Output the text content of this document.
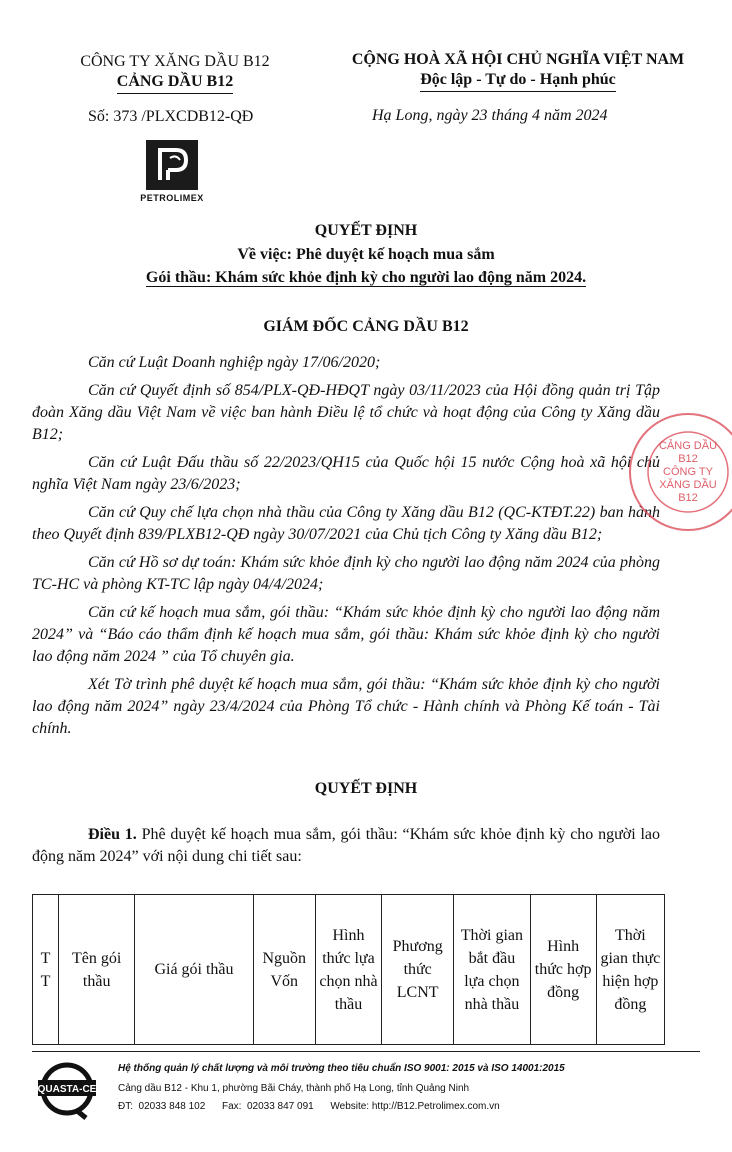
CÔNG TY XĂNG DẦU B12
CẢNG DẦU B12
Số: 373 /PLXCDB12-QĐ
PETROLIMEX
CỘNG HOÀ XÃ HỘI CHỦ NGHĨA VIỆT NAM
Độc lập - Tự do - Hạnh phúc
Hạ Long, ngày 23 tháng 4 năm 2024
QUYẾT ĐỊNH
Về việc: Phê duyệt kế hoạch mua sắm
Gói thầu: Khám sức khỏe định kỳ cho người lao động năm 2024.
GIÁM ĐỐC CẢNG DẦU B12

Căn cứ Luật Doanh nghiệp ngày 17/06/2020;

Căn cứ Quyết định số 854/PLX-QĐ-HĐQT ngày 03/11/2023 của Hội đồng quản trị Tập đoàn Xăng dầu Việt Nam về việc ban hành Điều lệ tổ chức và hoạt động của Công ty Xăng dầu B12;

Căn cứ Luật Đấu thầu số 22/2023/QH15 của Quốc hội 15 nước Cộng hoà xã hội chủ nghĩa Việt Nam ngày 23/6/2023;

Căn cứ Quy chế lựa chọn nhà thầu của Công ty Xăng dầu B12 (QC-KTĐT.22) ban hành theo Quyết định 839/PLXB12-QĐ ngày 30/07/2021 của Chủ tịch Công ty Xăng dầu B12;

Căn cứ Hồ sơ dự toán: Khám sức khỏe định kỳ cho người lao động năm 2024 của phòng TC-HC và phòng KT-TC lập ngày 04/4/2024;

Căn cứ kế hoạch mua sắm, gói thầu: “Khám sức khỏe định kỳ cho người lao động năm 2024” và “Báo cáo thẩm định kế hoạch mua sắm, gói thầu: Khám sức khỏe định kỳ cho người lao động năm 2024 ” của Tổ chuyên gia.

Xét Tờ trình phê duyệt kế hoạch mua sắm, gói thầu: “Khám sức khỏe định kỳ cho người lao động năm 2024” ngày 23/4/2024 của Phòng Tổ chức - Hành chính và Phòng Kế toán - Tài chính.

QUYẾT ĐỊNH
Điều 1. Phê duyệt kế hoạch mua sắm, gói thầu: “Khám sức khỏe định kỳ cho người lao động năm 2024” với nội dung chi tiết sau:
T T	Tên gói thầu	Giá gói thầu	Nguồn Vốn	Hình thức lựa chọn nhà thầu	Phương thức LCNT	Thời gian bắt đầu lựa chọn nhà thầu	Hình thức hợp đồng	Thời gian thực hiện hợp đồng
CẢNG DẦU
B12
CÔNG TY
XĂNG DẦU
B12
QUASTA-CE
Hệ thống quản lý chất lượng và môi trường theo tiêu chuẩn ISO 9001: 2015 và ISO 14001:2015
Cảng dầu B12 - Khu 1, phường Bãi Cháy, thành phố Hạ Long, tỉnh Quảng Ninh
ĐT:  02033 848 102      Fax:  02033 847 091      Website: http://B12.Petrolimex.com.vn
